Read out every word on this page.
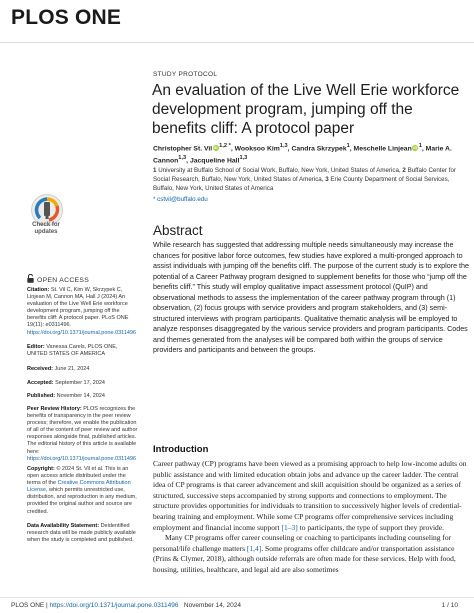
PLOS ONE
Check for updates
OPEN ACCESS
Citation: St. Vil C, Kim W, Skrzypek C, Linjean M, Cannon MA, Hall J (2024) An evaluation of the Live Well Erie workforce development program, jumping off the benefits cliff: A protocol paper. PLoS ONE 19(11): e0311496. https://doi.org/10.1371/journal.pone.0311496
Editor: Vanessa Carels, PLOS ONE, UNITED STATES OF AMERICA
Received: June 21, 2024
Accepted: September 17, 2024
Published: November 14, 2024
Peer Review History: PLOS recognizes the benefits of transparency in the peer review process; therefore, we enable the publication of all of the content of peer review and author responses alongside final, published articles. The editorial history of this article is available here: https://doi.org/10.1371/journal.pone.0311496
Copyright: © 2024 St. Vil et al. This is an open access article distributed under the terms of the Creative Commons Attribution License, which permits unrestricted use, distribution, and reproduction in any medium, provided the original author and source are credited.
Data Availability Statement: Deidentified research data will be made publicly available when the study is completed and published.
STUDY PROTOCOL
An evaluation of the Live Well Erie workforce development program, jumping off the benefits cliff: A protocol paper
Christopher St. Vil iD $^{1,2 *}$, Wooksoo Kim$^{1,3}$, Candra Skrzypek$^1$, Meschelle Linjean iD $^1$, Marie A. Cannon$^{1,3}$, Jacqueline Hall$^{1,3}$
1 University at Buffalo School of Social Work, Buffalo, New York, United States of America, 2 Buffalo Center for Social Research, Buffalo, New York, United States of America, 3 Erie County Department of Social Services, Buffalo, New York, United States of America
* cstvil@buffalo.edu
Abstract
While research has suggested that addressing multiple needs simultaneously may increase the chances for positive labor force outcomes, few studies have explored a multi-pronged approach to assist individuals with jumping off the benefits cliff. The purpose of the current study is to explore the potential of a Career Pathway program designed to supplement benefits for those who “jump off the benefits cliff.” This study will employ qualitative impact assessment protocol (QuIP) and observational methods to assess the implementation of the career pathway program through (1) observation, (2) focus groups with service providers and program stakeholders, and (3) semi-structured interviews with program participants. Qualitative thematic analysis will be employed to analyze responses disaggregated by the various service providers and program participants. Codes and themes generated from the analyses will be compared both within the groups of service providers and participants and between the groups.
Introduction

Career pathway (CP) programs have been viewed as a promising approach to help low-income adults on public assistance and with limited education obtain jobs and advance up the career ladder. The central idea of CP programs is that career advancement and skill acquisition should be organized as a series of structured, successive steps accompanied by strong supports and connections to employment. The structure provides opportunities for individuals to transition to successively higher levels of credential-bearing training and employment. While some CP programs offer comprehensive services including employment and financial income support [1–3] to participants, the type of support they provide.

Many CP programs offer career counseling or coaching to participants including counseling for personal/life challenge matters [1,4]. Some programs offer childcare and/or transportation assistance (Prins & Clymer, 2018), although outside referrals are often made for these services. Help with food, housing, utilities, healthcare, and legal aid are also sometimes

PLOS ONE | https://doi.org/10.1371/journal.pone.0311496 November 14, 2024	1 / 10
